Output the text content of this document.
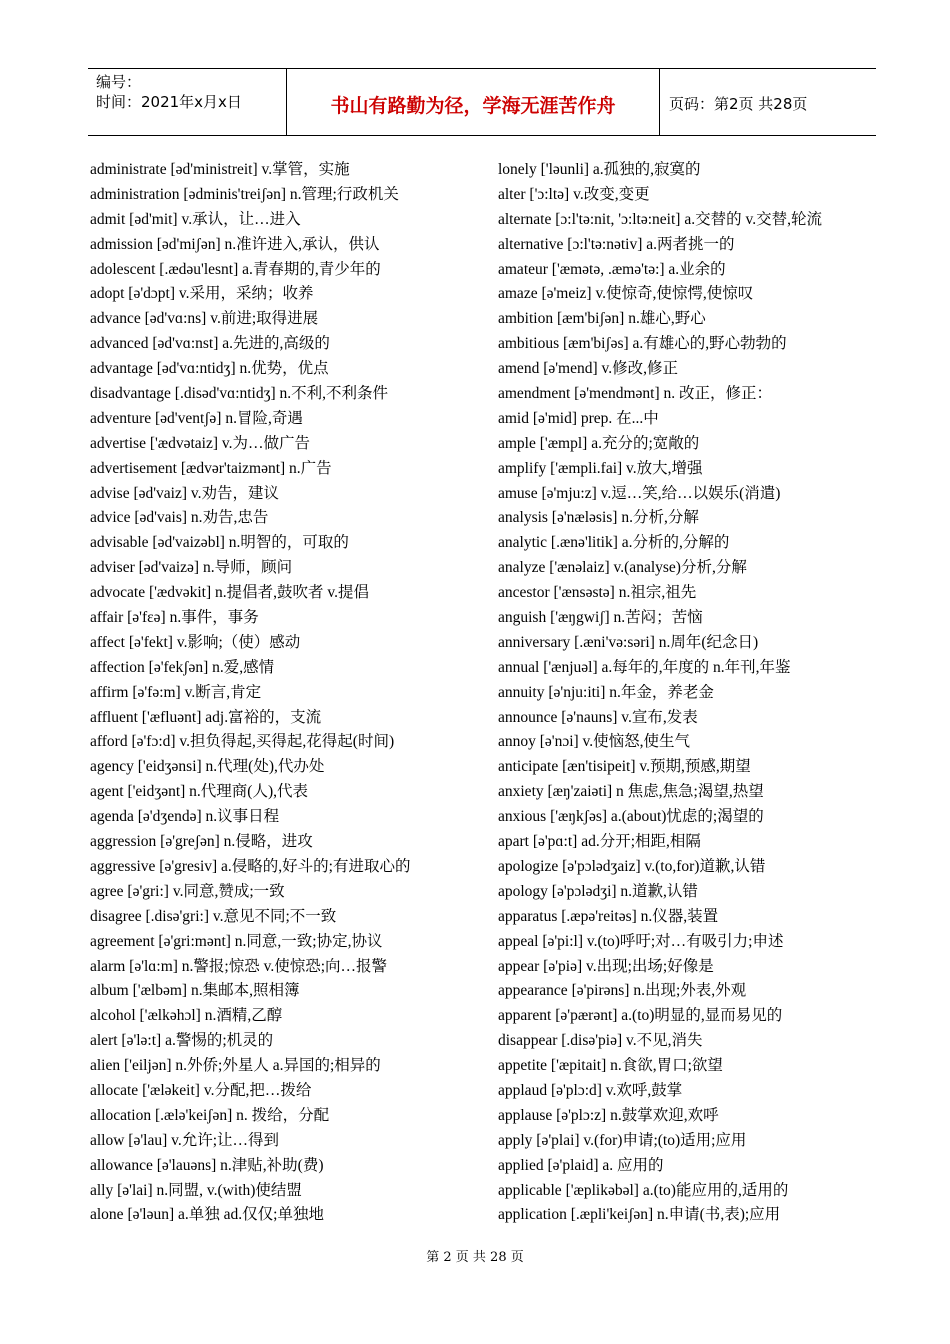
编号：
时间：2021年x月x日	书山有路勤为径，学海无涯苦作舟	页码：第2页 共28页
administrate [əd'ministreit] v.掌管，实施
administration [ədminis'treiʃən] n.管理;行政机关
admit [əd'mit] v.承认，让…进入
admission [əd'miʃən] n.准许进入,承认，供认
adolescent [.ædəu'lesnt] a.青春期的,青少年的
adopt [ə'dɔpt] v.采用，采纳；收养
advance [əd'vɑ:ns] v.前进;取得进展
advanced [əd'vɑ:nst] a.先进的,高级的
advantage [əd'vɑ:ntidʒ] n.优势，优点
disadvantage [.disəd'vɑ:ntidʒ] n.不利,不利条件
adventure [əd'ventʃə] n.冒险,奇遇
advertise ['ædvətaiz] v.为…做广告
advertisement [ædvər'taizmənt] n.广告
advise [əd'vaiz] v.劝告，建议
advice [əd'vais] n.劝告,忠告
advisable [əd'vaizəbl] n.明智的，可取的
adviser [əd'vaizə] n.导师，顾问
advocate ['ædvəkit] n.提倡者,鼓吹者 v.提倡
affair [ə'fɛə] n.事件，事务
affect [ə'fekt] v.影响;（使）感动
affection [ə'fekʃən] n.爱,感情
affirm [ə'fə:m] v.断言,肯定
affluent ['æfluənt] adj.富裕的，支流
afford [ə'fɔ:d] v.担负得起,买得起,花得起(时间)
agency ['eidʒənsi] n.代理(处),代办处
agent ['eidʒənt] n.代理商(人),代表
agenda [ə'dʒendə] n.议事日程
aggression [ə'greʃən] n.侵略，进攻
aggressive [ə'gresiv] a.侵略的,好斗的;有进取心的
agree [ə'gri:] v.同意,赞成;一致
disagree [.disə'gri:] v.意见不同;不一致
agreement [ə'gri:mənt] n.同意,一致;协定,协议
alarm [ə'lɑ:m] n.警报;惊恐 v.使惊恐;向…报警
album ['ælbəm] n.集邮本,照相簿
alcohol ['ælkəhɔl] n.酒精,乙醇
alert [ə'lə:t] a.警惕的;机灵的
alien ['eiljən] n.外侨;外星人 a.异国的;相异的
allocate ['æləkeit] v.分配,把…拨给
allocation [.ælə'keiʃən] n. 拨给，分配
allow [ə'lau] v.允许;让…得到
allowance [ə'lauəns] n.津贴,补助(费)
ally [ə'lai] n.同盟, v.(with)使结盟
alone [ə'ləun] a.单独 ad.仅仅;单独地
lonely ['ləunli] a.孤独的,寂寞的
alter ['ɔ:ltə] v.改变,变更
alternate [ɔ:l'tə:nit, 'ɔ:ltə:neit] a.交替的 v.交替,轮流
alternative [ɔ:l'tə:nətiv] a.两者挑一的
amateur ['æmətə, .æmə'tə:] a.业余的
amaze [ə'meiz] v.使惊奇,使惊愕,使惊叹
ambition [æm'biʃən] n.雄心,野心
ambitious [æm'biʃəs] a.有雄心的,野心勃勃的
amend [ə'mend] v.修改,修正
amendment [ə'mendmənt] n. 改正，修正：
amid [ə'mid] prep. 在...中
ample ['æmpl] a.充分的;宽敞的
amplify ['æmpli.fai] v.放大,增强
amuse [ə'mju:z] v.逗…笑,给…以娱乐(消遣)
analysis [ə'næləsis] n.分析,分解
analytic [.ænə'litik] a.分析的,分解的
analyze ['ænəlaiz] v.(analyse)分析,分解
ancestor ['ænsəstə] n.祖宗,祖先
anguish ['æŋgwiʃ] n.苦闷；苦恼
anniversary [.æni'və:səri] n.周年(纪念日)
annual ['ænjuəl] a.每年的,年度的 n.年刊,年鉴
annuity [ə'nju:iti] n.年金，养老金
announce [ə'nauns] v.宣布,发表
annoy [ə'nɔi] v.使恼怒,使生气
anticipate [æn'tisipeit] v.预期,预感,期望
anxiety [æŋ'zaiəti] n 焦虑,焦急;渴望,热望
anxious ['æŋkʃəs] a.(about)忧虑的;渴望的
apart [ə'pɑ:t] ad.分开;相距,相隔
apologize [ə'pɔlədʒaiz] v.(to,for)道歉,认错
apology [ə'pɔlədʒi] n.道歉,认错
apparatus [.æpə'reitəs] n.仪器,装置
appeal [ə'pi:l] v.(to)呼吁;对…有吸引力;申述
appear [ə'piə] v.出现;出场;好像是
appearance [ə'pirəns] n.出现;外表,外观
apparent [ə'pærənt] a.(to)明显的,显而易见的
disappear [.disə'piə] v.不见,消失
appetite ['æpitait] n.食欲,胃口;欲望
applaud [ə'plɔ:d] v.欢呼,鼓掌
applause [ə'plɔ:z] n.鼓掌欢迎,欢呼
apply [ə'plai] v.(for)申请;(to)适用;应用
applied [ə'plaid] a. 应用的
applicable ['æplikəbəl] a.(to)能应用的,适用的
application [.æpli'keiʃən] n.申请(书,表);应用
第 2 页 共 28 页
